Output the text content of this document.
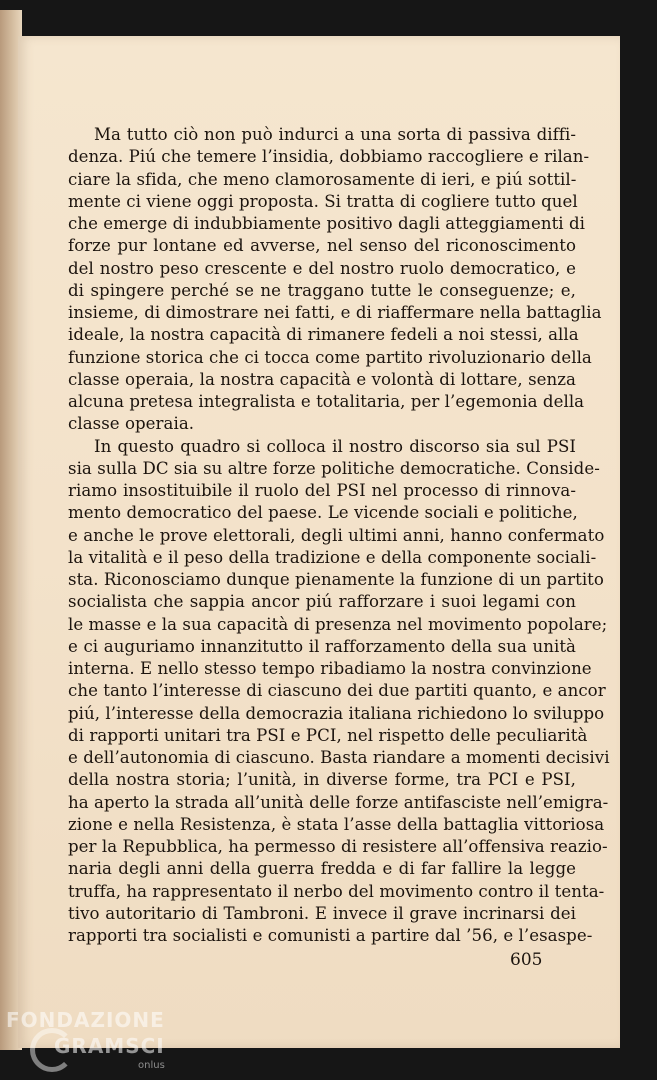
Ma tutto ciò non può indurci a una sorta di passiva diffi-
denza. Piú che temere l’insidia, dobbiamo raccogliere e rilan-
ciare la sfida, che meno clamorosamente di ieri, e piú sottil-
mente ci viene oggi proposta. Si tratta di cogliere tutto quel
che emerge di indubbiamente positivo dagli atteggiamenti di
forze pur lontane ed avverse, nel senso del riconoscimento
del nostro peso crescente e del nostro ruolo democratico, e
di spingere perché se ne traggano tutte le conseguenze; e,
insieme, di dimostrare nei fatti, e di riaffermare nella battaglia
ideale, la nostra capacità di rimanere fedeli a noi stessi, alla
funzione storica che ci tocca come partito rivoluzionario della
classe operaia, la nostra capacità e volontà di lottare, senza
alcuna pretesa integralista e totalitaria, per l’egemonia della
classe operaia.
In questo quadro si colloca il nostro discorso sia sul PSI
sia sulla DC sia su altre forze politiche democratiche. Conside-
riamo insostituibile il ruolo del PSI nel processo di rinnova-
mento democratico del paese. Le vicende sociali e politiche,
e anche le prove elettorali, degli ultimi anni, hanno confermato
la vitalità e il peso della tradizione e della componente sociali-
sta. Riconosciamo dunque pienamente la funzione di un partito
socialista che sappia ancor piú rafforzare i suoi legami con
le masse e la sua capacità di presenza nel movimento popolare;
e ci auguriamo innanzitutto il rafforzamento della sua unità
interna. E nello stesso tempo ribadiamo la nostra convinzione
che tanto l’interesse di ciascuno dei due partiti quanto, e ancor
piú, l’interesse della democrazia italiana richiedono lo sviluppo
di rapporti unitari tra PSI e PCI, nel rispetto delle peculiarità
e dell’autonomia di ciascuno. Basta riandare a momenti decisivi
della nostra storia; l’unità, in diverse forme, tra PCI e PSI,
ha aperto la strada all’unità delle forze antifasciste nell’emigra-
zione e nella Resistenza, è stata l’asse della battaglia vittoriosa
per la Repubblica, ha permesso di resistere all’offensiva reazio-
naria degli anni della guerra fredda e di far fallire la legge
truffa, ha rappresentato il nerbo del movimento contro il tenta-
tivo autoritario di Tambroni. E invece il grave incrinarsi dei
rapporti tra socialisti e comunisti a partire dal ’56, e l’esaspe-
605
FONDAZIONE
GRAMSCI
onlus
